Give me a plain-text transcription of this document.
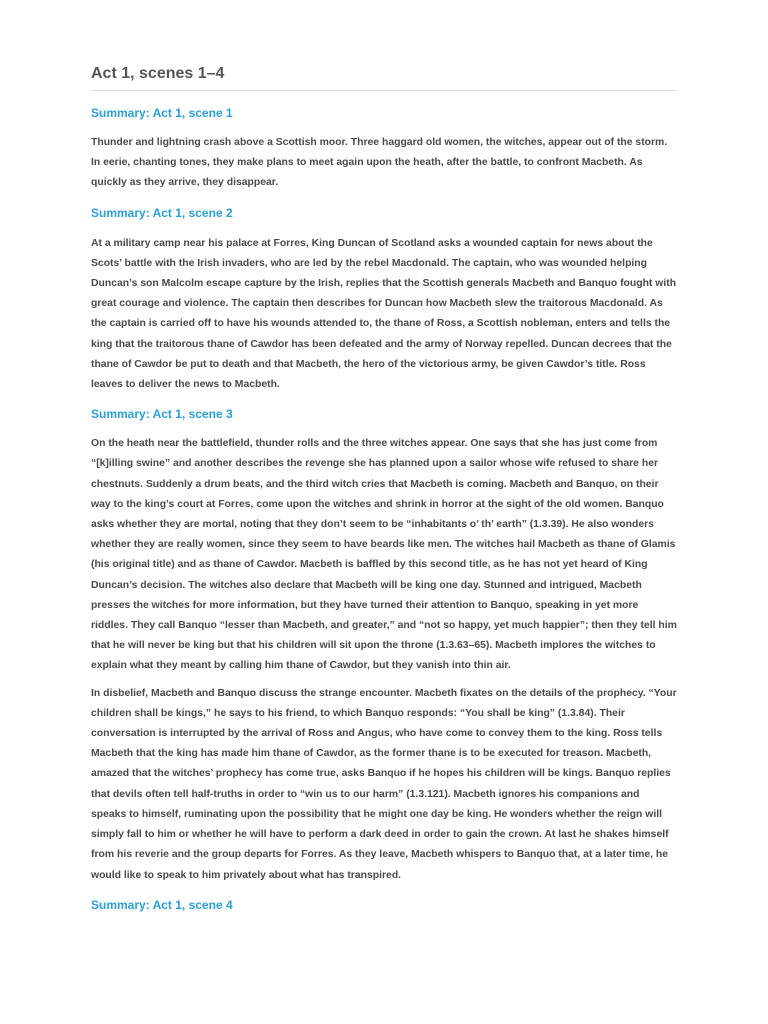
Act 1, scenes 1–4
Summary: Act 1, scene 1

Thunder and lightning crash above a Scottish moor. Three haggard old women, the witches, appear out of the storm. In eerie, chanting tones, they make plans to meet again upon the heath, after the battle, to confront Macbeth. As quickly as they arrive, they disappear.

Summary: Act 1, scene 2

At a military camp near his palace at Forres, King Duncan of Scotland asks a wounded captain for news about the Scots’ battle with the Irish invaders, who are led by the rebel Macdonald. The captain, who was wounded helping Duncan’s son Malcolm escape capture by the Irish, replies that the Scottish generals Macbeth and Banquo fought with great courage and violence. The captain then describes for Duncan how Macbeth slew the traitorous Macdonald. As the captain is carried off to have his wounds attended to, the thane of Ross, a Scottish nobleman, enters and tells the king that the traitorous thane of Cawdor has been defeated and the army of Norway repelled. Duncan decrees that the thane of Cawdor be put to death and that Macbeth, the hero of the victorious army, be given Cawdor’s title. Ross leaves to deliver the news to Macbeth.

Summary: Act 1, scene 3

On the heath near the battlefield, thunder rolls and the three witches appear. One says that she has just come from “[k]illing swine” and another describes the revenge she has planned upon a sailor whose wife refused to share her chestnuts. Suddenly a drum beats, and the third witch cries that Macbeth is coming. Macbeth and Banquo, on their way to the king’s court at Forres, come upon the witches and shrink in horror at the sight of the old women. Banquo asks whether they are mortal, noting that they don’t seem to be “inhabitants o’ th’ earth” (1.3.39). He also wonders whether they are really women, since they seem to have beards like men. The witches hail Macbeth as thane of Glamis (his original title) and as thane of Cawdor. Macbeth is baffled by this second title, as he has not yet heard of King Duncan’s decision. The witches also declare that Macbeth will be king one day. Stunned and intrigued, Macbeth presses the witches for more information, but they have turned their attention to Banquo, speaking in yet more riddles. They call Banquo “lesser than Macbeth, and greater,” and “not so happy, yet much happier”; then they tell him that he will never be king but that his children will sit upon the throne (1.3.63–65). Macbeth implores the witches to explain what they meant by calling him thane of Cawdor, but they vanish into thin air.

In disbelief, Macbeth and Banquo discuss the strange encounter. Macbeth fixates on the details of the prophecy. “Your children shall be kings,” he says to his friend, to which Banquo responds: “You shall be king” (1.3.84). Their conversation is interrupted by the arrival of Ross and Angus, who have come to convey them to the king. Ross tells Macbeth that the king has made him thane of Cawdor, as the former thane is to be executed for treason. Macbeth, amazed that the witches’ prophecy has come true, asks Banquo if he hopes his children will be kings. Banquo replies that devils often tell half-truths in order to “win us to our harm” (1.3.121). Macbeth ignores his companions and speaks to himself, ruminating upon the possibility that he might one day be king. He wonders whether the reign will simply fall to him or whether he will have to perform a dark deed in order to gain the crown. At last he shakes himself from his reverie and the group departs for Forres. As they leave, Macbeth whispers to Banquo that, at a later time, he would like to speak to him privately about what has transpired.

Summary: Act 1, scene 4
